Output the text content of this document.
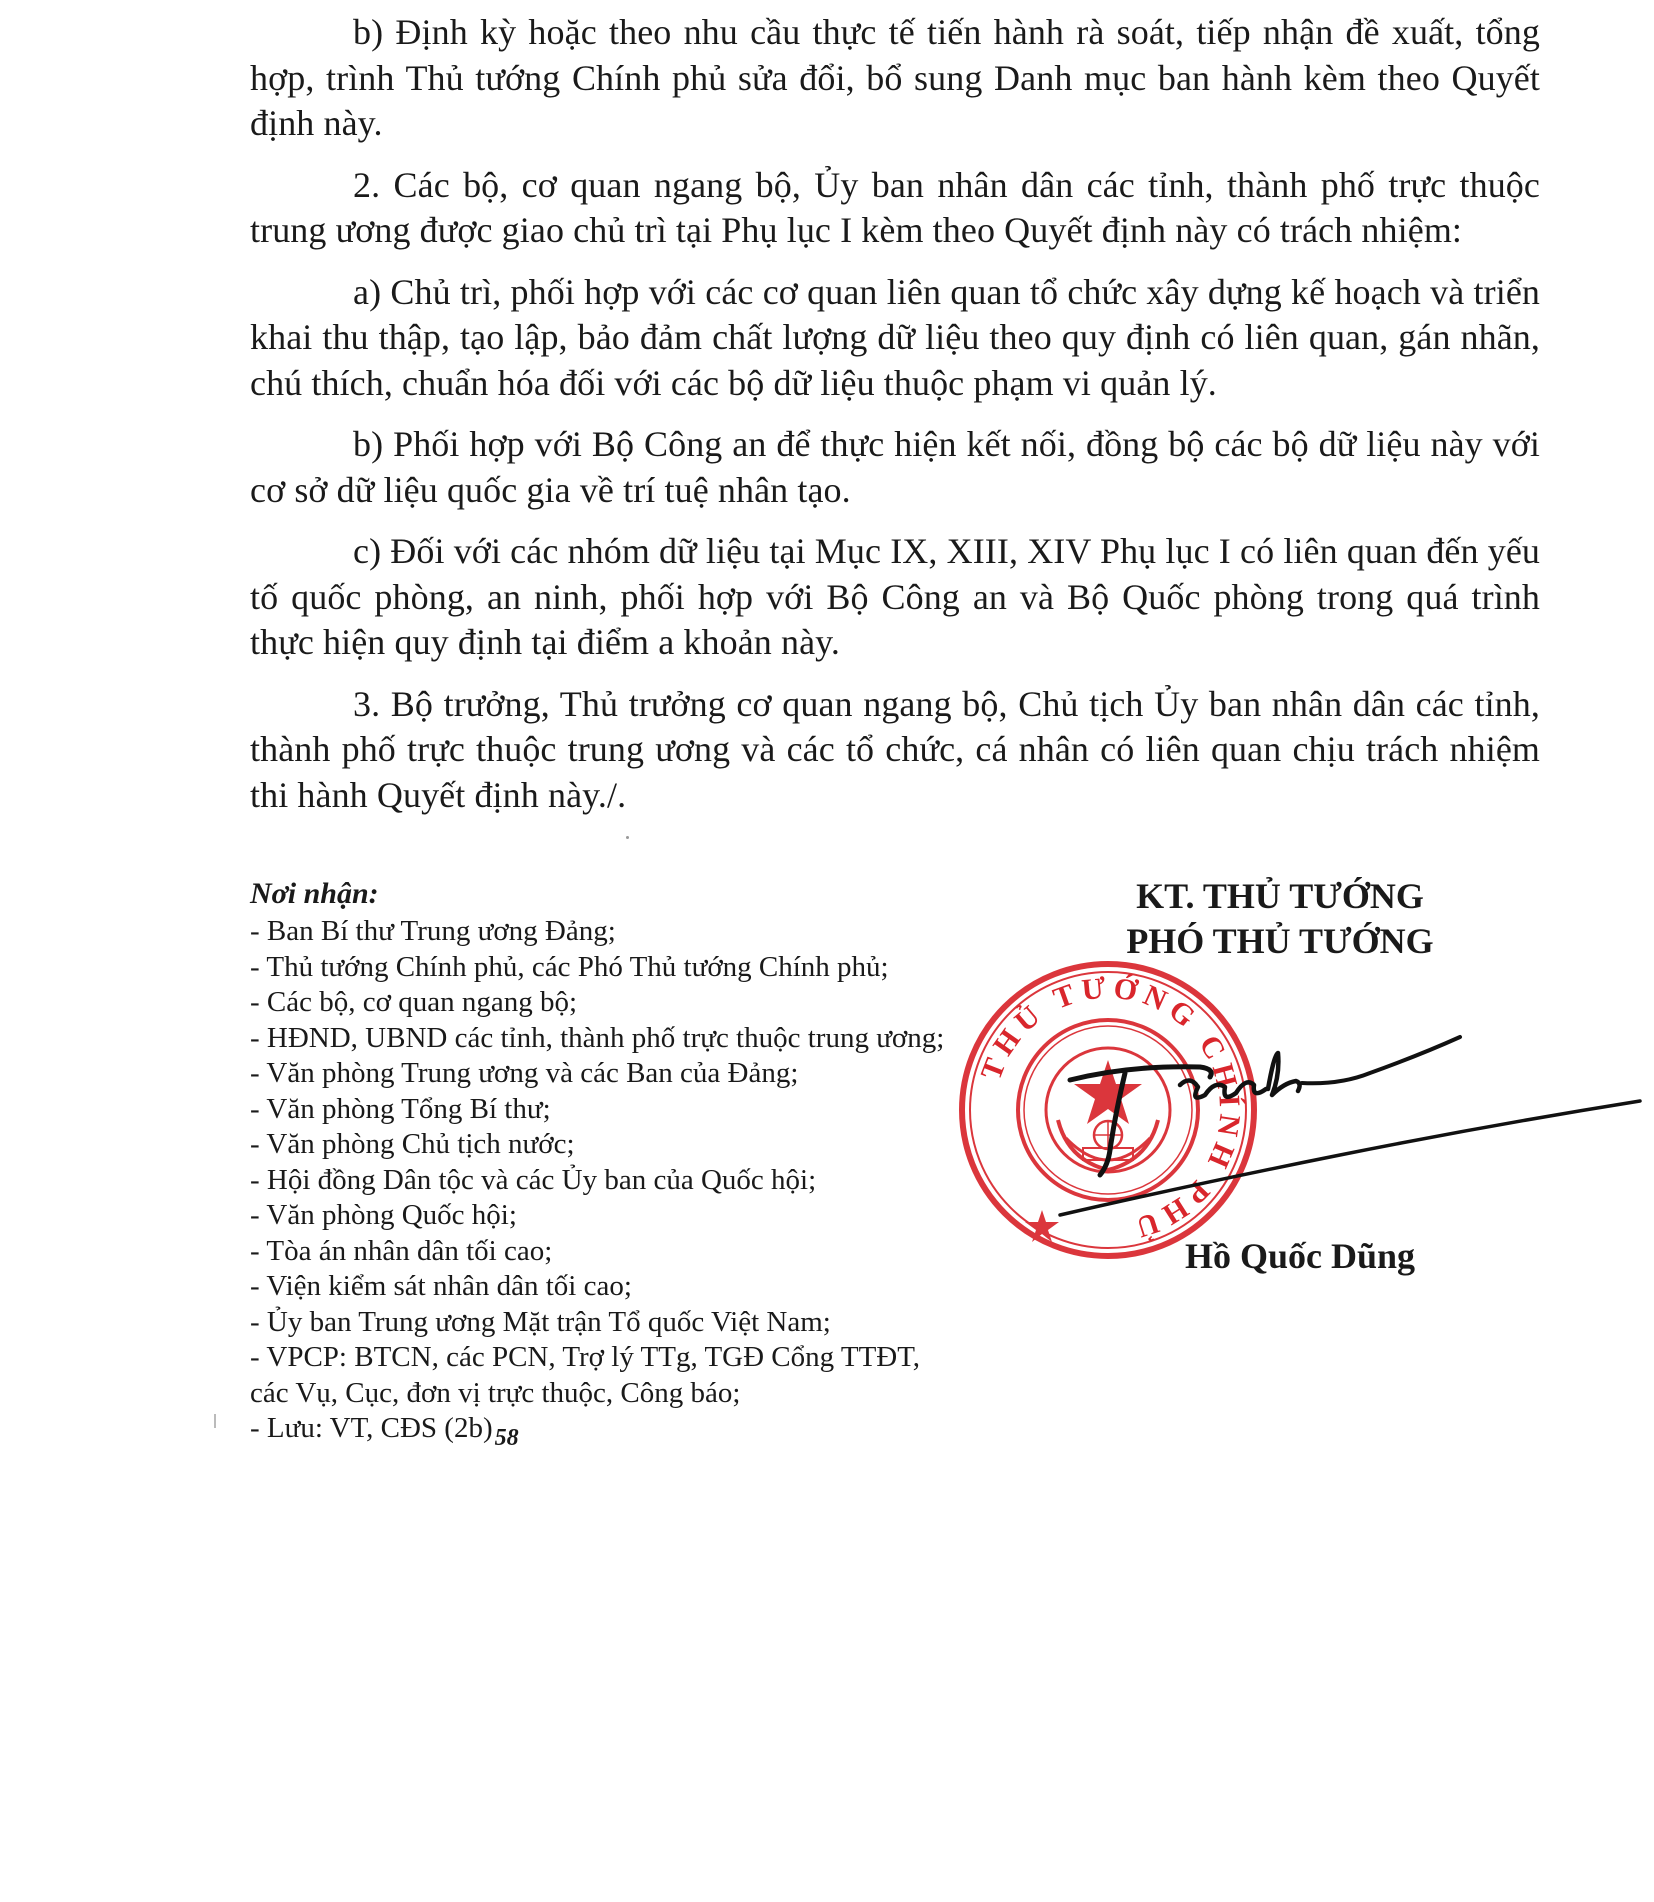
b) Định kỳ hoặc theo nhu cầu thực tế tiến hành rà soát, tiếp nhận đề xuất, tổng hợp, trình Thủ tướng Chính phủ sửa đổi, bổ sung Danh mục ban hành kèm theo Quyết định này.

2. Các bộ, cơ quan ngang bộ, Ủy ban nhân dân các tỉnh, thành phố trực thuộc trung ương được giao chủ trì tại Phụ lục I kèm theo Quyết định này có trách nhiệm:

a) Chủ trì, phối hợp với các cơ quan liên quan tổ chức xây dựng kế hoạch và triển khai thu thập, tạo lập, bảo đảm chất lượng dữ liệu theo quy định có liên quan, gán nhãn, chú thích, chuẩn hóa đối với các bộ dữ liệu thuộc phạm vi quản lý.

b) Phối hợp với Bộ Công an để thực hiện kết nối, đồng bộ các bộ dữ liệu này với cơ sở dữ liệu quốc gia về trí tuệ nhân tạo.

c) Đối với các nhóm dữ liệu tại Mục IX, XIII, XIV Phụ lục I có liên quan đến yếu tố quốc phòng, an ninh, phối hợp với Bộ Công an và Bộ Quốc phòng trong quá trình thực hiện quy định tại điểm a khoản này.

3. Bộ trưởng, Thủ trưởng cơ quan ngang bộ, Chủ tịch Ủy ban nhân dân các tỉnh, thành phố trực thuộc trung ương và các tổ chức, cá nhân có liên quan chịu trách nhiệm thi hành Quyết định này./.

Nơi nhận:
- Ban Bí thư Trung ương Đảng;
- Thủ tướng Chính phủ, các Phó Thủ tướng Chính phủ;
- Các bộ, cơ quan ngang bộ;
- HĐND, UBND các tỉnh, thành phố trực thuộc trung ương;
- Văn phòng Trung ương và các Ban của Đảng;
- Văn phòng Tổng Bí thư;
- Văn phòng Chủ tịch nước;
- Hội đồng Dân tộc và các Ủy ban của Quốc hội;
- Văn phòng Quốc hội;
- Tòa án nhân dân tối cao;
- Viện kiểm sát nhân dân tối cao;
- Ủy ban Trung ương Mặt trận Tổ quốc Việt Nam;
- VPCP: BTCN, các PCN, Trợ lý TTg, TGĐ Cổng TTĐT,
các Vụ, Cục, đơn vị trực thuộc, Công báo;
- Lưu: VT, CĐS $(2b)_{58}$
KT. THỦ TƯỚNG
PHÓ THỦ TƯỚNG
THỦ TƯỚNG CHÍNH PHỦ
Hồ Quốc Dũng
